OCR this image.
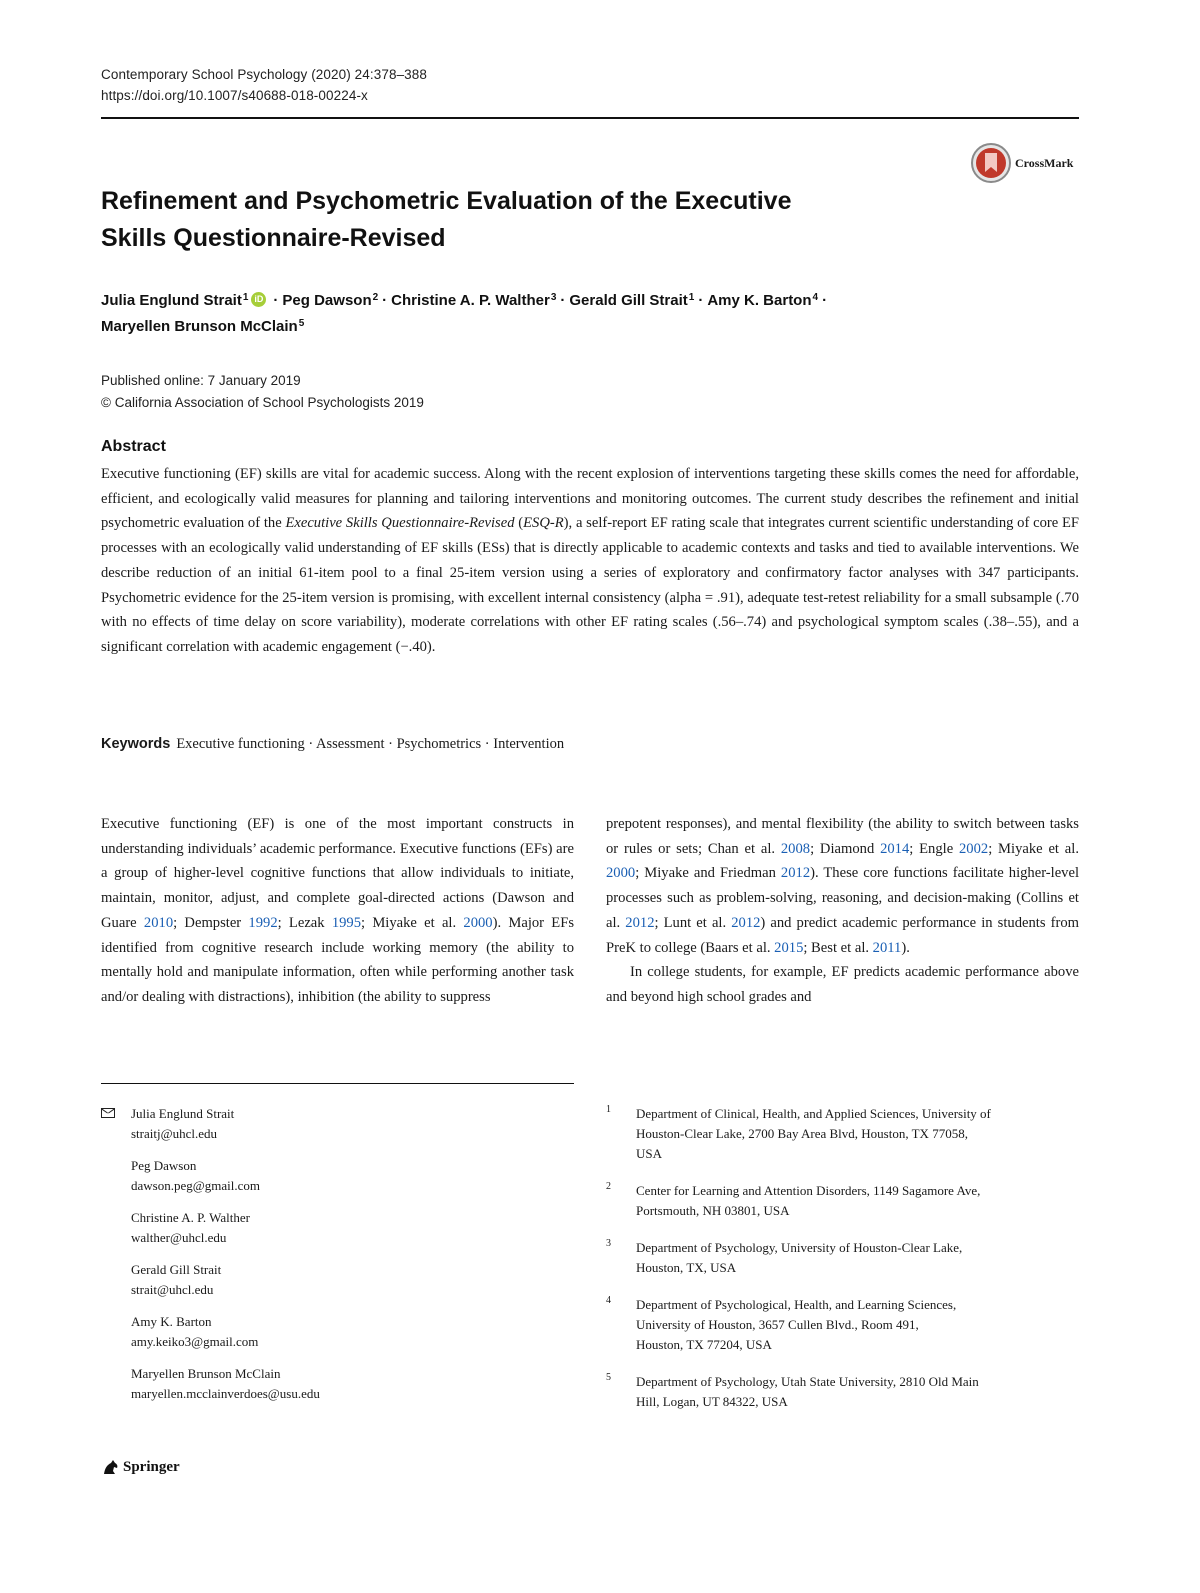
Contemporary School Psychology (2020) 24:378–388
https://doi.org/10.1007/s40688-018-00224-x
CrossMark
Refinement and Psychometric Evaluation of the Executive
Skills Questionnaire-Revised
Julia Englund Strait$^1$ iD · Peg Dawson$^2$ · Christine A. P. Walther$^3$ · Gerald Gill Strait$^1$ · Amy K. Barton$^4$ ·
Maryellen Brunson McClain$^5$
Published online: 7 January 2019
© California Association of School Psychologists 2019
Abstract
Executive functioning (EF) skills are vital for academic success. Along with the recent explosion of interventions targeting these skills comes the need for affordable, efficient, and ecologically valid measures for planning and tailoring interventions and monitoring outcomes. The current study describes the refinement and initial psychometric evaluation of the Executive Skills Questionnaire-Revised (ESQ-R), a self-report EF rating scale that integrates current scientific understanding of core EF processes with an ecologically valid understanding of EF skills (ESs) that is directly applicable to academic contexts and tasks and tied to available interventions. We describe reduction of an initial 61-item pool to a final 25-item version using a series of exploratory and confirmatory factor analyses with 347 participants. Psychometric evidence for the 25-item version is promising, with excellent internal consistency (alpha = .91), adequate test-retest reliability for a small subsample (.70 with no effects of time delay on score variability), moderate correlations with other EF rating scales (.56–.74) and psychological symptom scales (.38–.55), and a significant correlation with academic engagement (−.40).
Keywords Executive functioning · Assessment · Psychometrics · Intervention

Executive functioning (EF) is one of the most important constructs in understanding individuals’ academic performance. Executive functions (EFs) are a group of higher-level cognitive functions that allow individuals to initiate, maintain, monitor, adjust, and complete goal-directed actions (Dawson and Guare 2010; Dempster 1992; Lezak 1995; Miyake et al. 2000). Major EFs identified from cognitive research include working memory (the ability to mentally hold and manipulate information, often while performing another task and/or dealing with distractions), inhibition (the ability to suppress

prepotent responses), and mental flexibility (the ability to switch between tasks or rules or sets; Chan et al. 2008; Diamond 2014; Engle 2002; Miyake et al. 2000; Miyake and Friedman 2012). These core functions facilitate higher-level processes such as problem-solving, reasoning, and decision-making (Collins et al. 2012; Lunt et al. 2012) and predict academic performance in students from PreK to college (Baars et al. 2015; Best et al. 2011).

In college students, for example, EF predicts academic performance above and beyond high school grades and

Julia Englund Strait
straitj@uhcl.edu
Peg Dawson
dawson.peg@gmail.com
Christine A. P. Walther
walther@uhcl.edu
Gerald Gill Strait
strait@uhcl.edu
Amy K. Barton
amy.keiko3@gmail.com
Maryellen Brunson McClain
maryellen.mcclainverdoes@usu.edu
1 Department of Clinical, Health, and Applied Sciences, University of
Houston-Clear Lake, 2700 Bay Area Blvd, Houston, TX 77058,
USA
2 Center for Learning and Attention Disorders, 1149 Sagamore Ave,
Portsmouth, NH 03801, USA
3 Department of Psychology, University of Houston-Clear Lake,
Houston, TX, USA
4 Department of Psychological, Health, and Learning Sciences,
University of Houston, 3657 Cullen Blvd., Room 491,
Houston, TX 77204, USA
5 Department of Psychology, Utah State University, 2810 Old Main
Hill, Logan, UT 84322, USA
Springer
